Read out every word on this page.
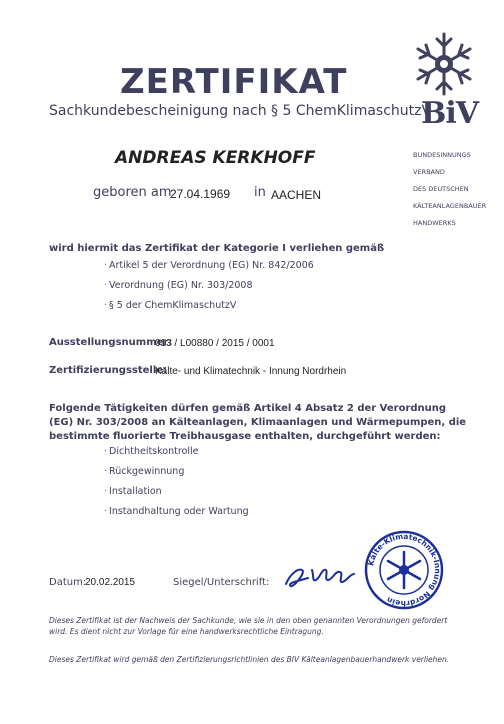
BiV

BUNDESINNUNGS

VERBAND

DES DEUTSCHEN

KÄLTEANLAGENBAUER

HANDWERKS

ZERTIFIKAT
Sachkundebescheinigung nach § 5 ChemKlimaschutzV
ANDREAS KERKHOFF
geboren am
27.04.1969 in AACHEN
wird hiermit das Zertifikat der Kategorie I verliehen gemäß
· Artikel 5 der Verordnung (EG) Nr. 842/2006
· Verordnung (EG) Nr. 303/2008
· § 5 der ChemKlimaschutzV
Ausstellungsnummer:
013 / L00880 / 2015 / 0001
Zertifizierungsstelle:
Kälte- und Klimatechnik - Innung Nordrhein
Folgende Tätigkeiten dürfen gemäß Artikel 4 Absatz 2 der Verordnung (EG) Nr. 303/2008 an Kälteanlagen, Klimaanlagen und Wärmepumpen, die bestimmte fluorierte Treibhausgase enthalten, durchgeführt werden:
· Dichtheitskontrolle
· Rückgewinnung
· Installation
· Instandhaltung oder Wartung
Datum:
20.02.2015	Siegel/Unterschrift:
Kälte-Klimatechnik-Innung Nordrhein
Dieses Zertifikat ist der Nachweis der Sachkunde, wie sie in den oben genannten Verordnungen gefordert wird. Es dient nicht zur Vorlage für eine handwerksrechtliche Eintragung.
Dieses Zertifikat wird gemäß den Zertifizierungsrichtlinien des BIV Kälteanlagenbauerhandwerk verliehen.
